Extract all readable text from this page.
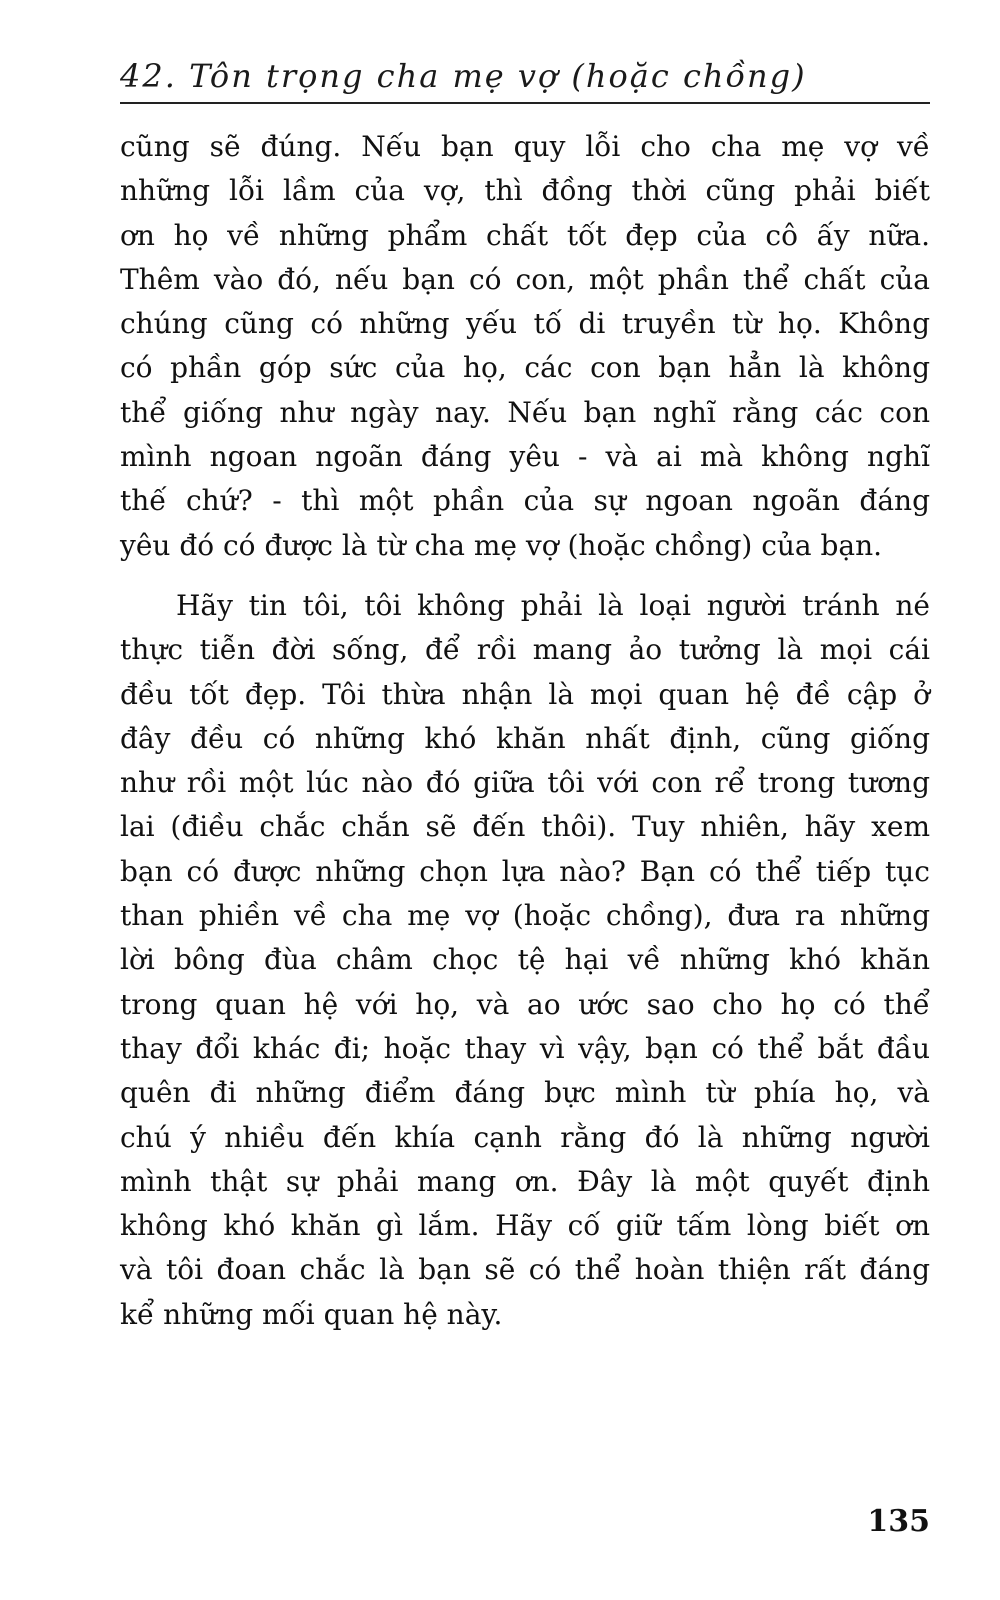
42. Tôn trọng cha mẹ vợ (hoặc chồng)
cũng sẽ đúng. Nếu bạn quy lỗi cho cha mẹ vợ về
những lỗi lầm của vợ, thì đồng thời cũng phải biết
ơn họ về những phẩm chất tốt đẹp của cô ấy nữa.
Thêm vào đó, nếu bạn có con, một phần thể chất của
chúng cũng có những yếu tố di truyền từ họ. Không
có phần góp sức của họ, các con bạn hẳn là không
thể giống như ngày nay. Nếu bạn nghĩ rằng các con
mình ngoan ngoãn đáng yêu - và ai mà không nghĩ
thế chứ? - thì một phần của sự ngoan ngoãn đáng
yêu đó có được là từ cha mẹ vợ (hoặc chồng) của bạn.
Hãy tin tôi, tôi không phải là loại người tránh né
thực tiễn đời sống, để rồi mang ảo tưởng là mọi cái
đều tốt đẹp. Tôi thừa nhận là mọi quan hệ đề cập ở
đây đều có những khó khăn nhất định, cũng giống
như rồi một lúc nào đó giữa tôi với con rể trong tương
lai (điều chắc chắn sẽ đến thôi). Tuy nhiên, hãy xem
bạn có được những chọn lựa nào? Bạn có thể tiếp tục
than phiền về cha mẹ vợ (hoặc chồng), đưa ra những
lời bông đùa châm chọc tệ hại về những khó khăn
trong quan hệ với họ, và ao ước sao cho họ có thể
thay đổi khác đi; hoặc thay vì vậy, bạn có thể bắt đầu
quên đi những điểm đáng bực mình từ phía họ, và
chú ý nhiều đến khía cạnh rằng đó là những người
mình thật sự phải mang ơn. Đây là một quyết định
không khó khăn gì lắm. Hãy cố giữ tấm lòng biết ơn
và tôi đoan chắc là bạn sẽ có thể hoàn thiện rất đáng
kể những mối quan hệ này.
135
